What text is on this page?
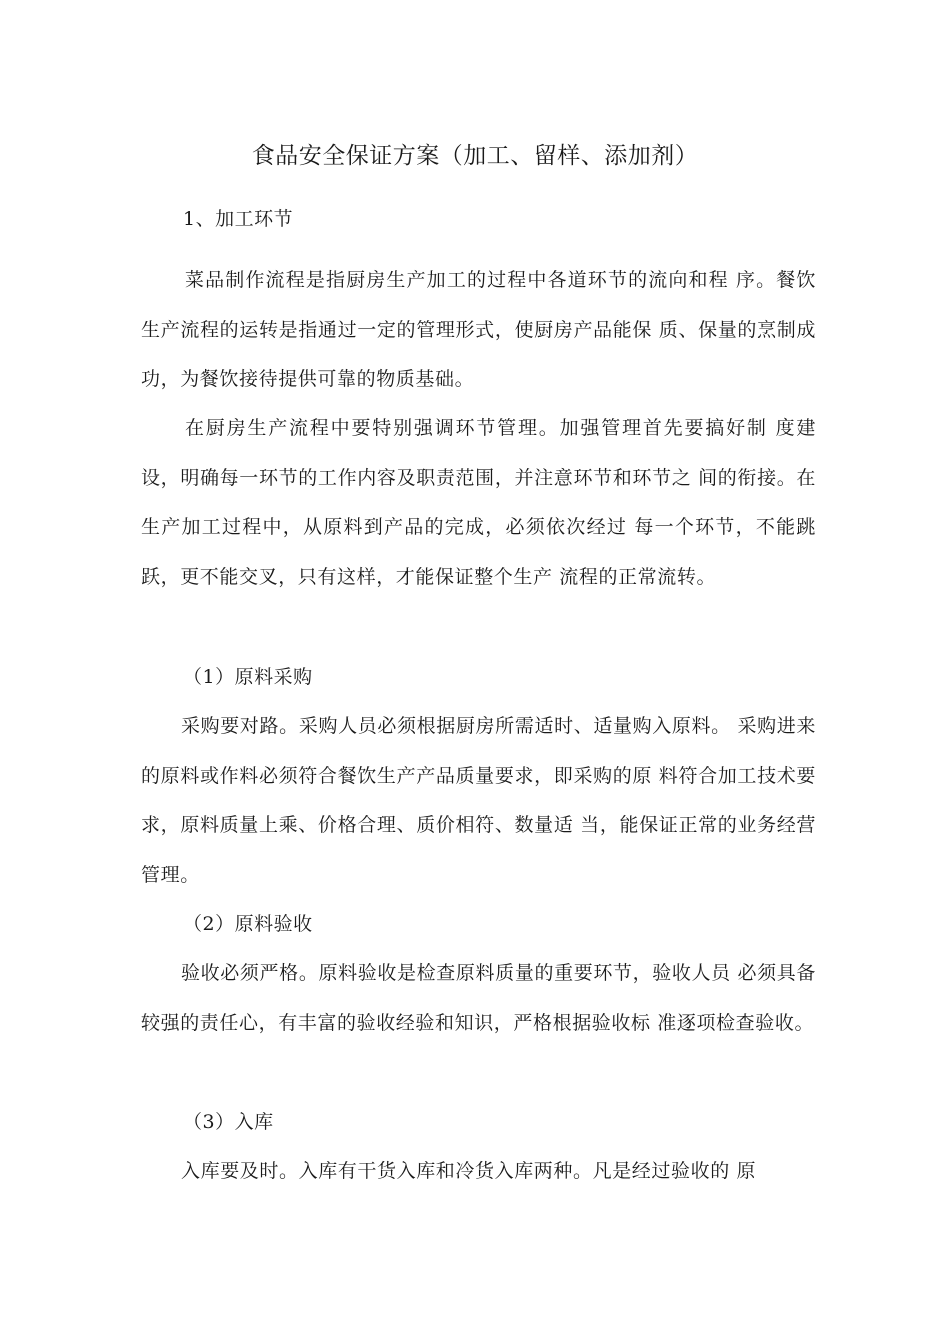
食品安全保证方案（加工、留样、添加剂）
1、加工环节

菜品制作流程是指厨房生产加工的过程中各道环节的流向和程 序。餐饮生产流程的运转是指通过一定的管理形式，使厨房产品能保 质、保量的烹制成功，为餐饮接待提供可靠的物质基础。

在厨房生产流程中要特别强调环节管理。加强管理首先要搞好制 度建设，明确每一环节的工作内容及职责范围，并注意环节和环节之 间的衔接。在生产加工过程中，从原料到产品的完成，必须依次经过 每一个环节，不能跳跃，更不能交叉，只有这样，才能保证整个生产 流程的正常流转。

（1）原料采购

采购要对路。采购人员必须根据厨房所需适时、适量购入原料。 采购进来的原料或作料必须符合餐饮生产产品质量要求，即采购的原 料符合加工技术要求，原料质量上乘、价格合理、质价相符、数量适 当，能保证正常的业务经营管理。

（2）原料验收

验收必须严格。原料验收是检查原料质量的重要环节，验收人员 必须具备较强的责任心，有丰富的验收经验和知识，严格根据验收标 准逐项检查验收。

（3）入库

入库要及时。入库有干货入库和冷货入库两种。凡是经过验收的 原
